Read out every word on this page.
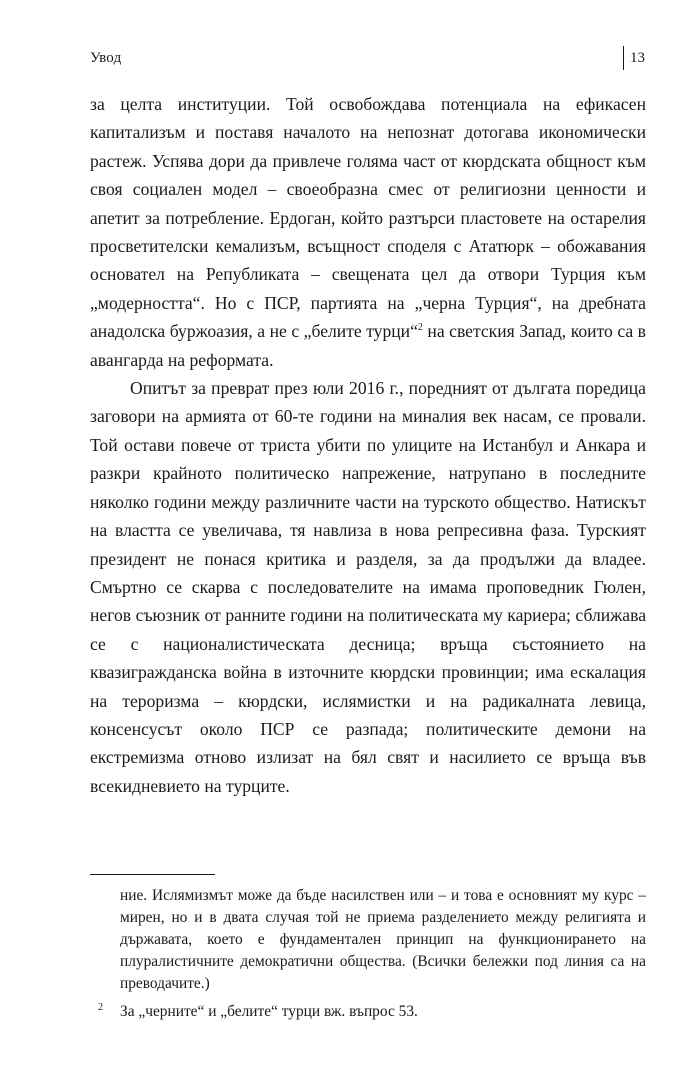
Увод	13

за целта институции. Той освобождава потенциала на ефикасен капитализъм и поставя началото на непознат дотогава икономически растеж. Успява дори да привлече голяма част от кюрдската общност към своя социален модел – своеобразна смес от религиозни ценности и апетит за потребление. Ердоган, който разтърси пластовете на остарелия просветителски кемализъм, всъщност споделя с Ататюрк – обожавания основател на Републиката – свещената цел да отвори Турция към „модерността“. Но с ПСР, партията на „черна Турция“, на дребната анадолска буржоазия, а не с „белите турци“$^2$ на светския Запад, които са в авангарда на реформата.

Опитът за преврат през юли 2016 г., поредният от дългата поредица заговори на армията от 60-те години на миналия век насам, се провали. Той остави повече от триста убити по улиците на Истанбул и Анкара и разкри крайното политическо напрежение, натрупано в последните няколко години между различните части на турското общество. Натискът на властта се увеличава, тя навлиза в нова репресивна фаза. Турският президент не понася критика и разделя, за да продължи да владее. Смъртно се скарва с последователите на имама проповедник Гюлен, негов съюзник от ранните години на политическата му кариера; сближава се с националистическата десница; връща състоянието на квазигражданска война в източните кюрдски провинции; има ескалация на тероризма – кюрдски, ислямистки и на радикалната левица, консенсусът около ПСР се разпада; политическите демони на екстремизма отново излизат на бял свят и насилието се връща във всекидневието на турците.

ние. Ислямизмът може да бъде насилствен или – и това е основният му курс – мирен, но и в двата случая той не приема разделението между религията и държавата, което е фундаментален принцип на функционирането на плуралистичните демократични общества. (Всички бележки под линия са на преводачите.)

2 За „черните“ и „белите“ турци вж. въпрос 53.
